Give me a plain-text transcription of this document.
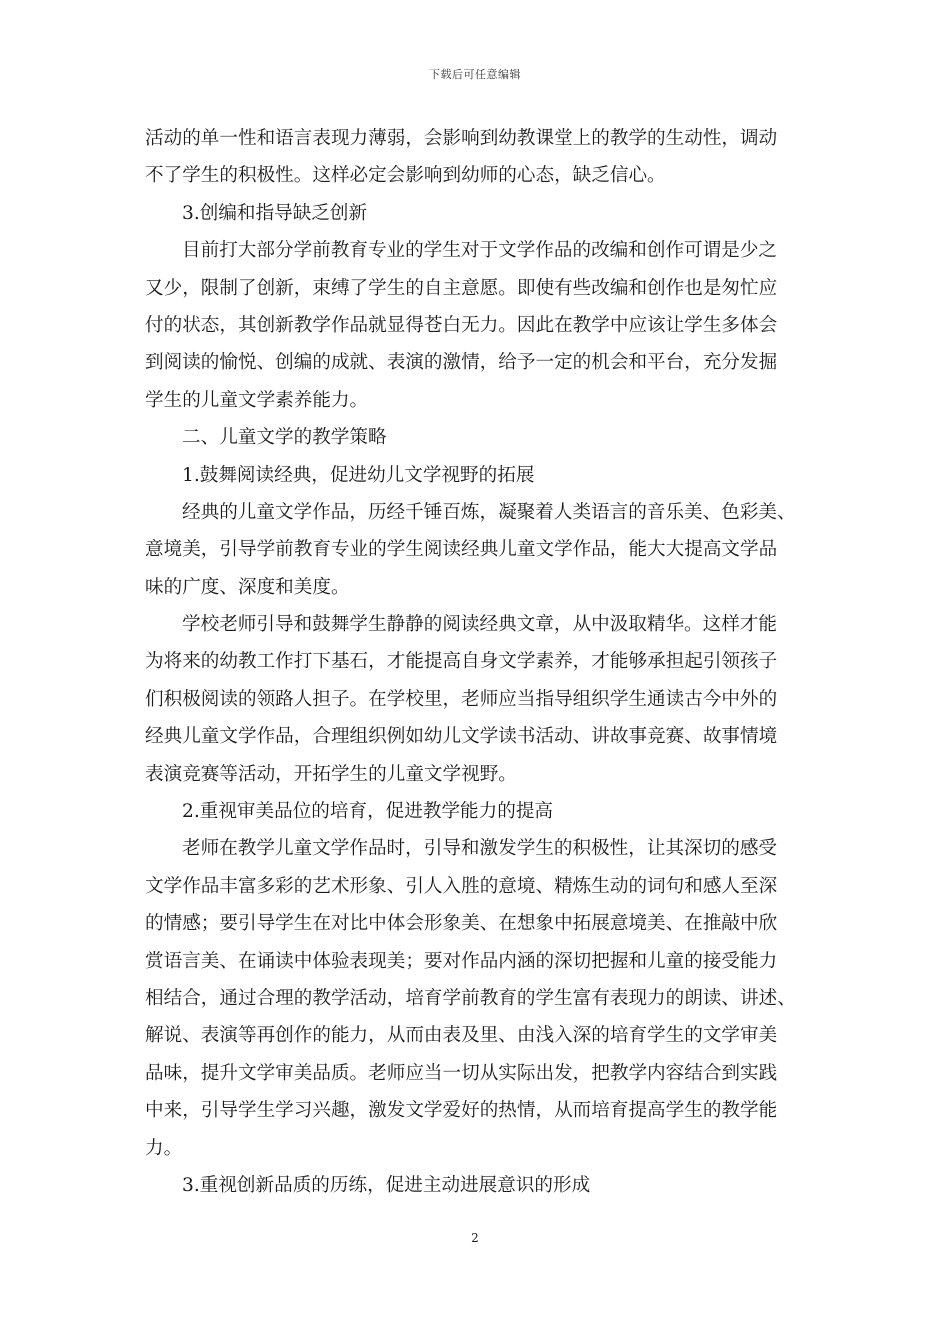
下载后可任意编辑
活动的单一性和语言表现力薄弱，会影响到幼教课堂上的教学的生动性，调动
不了学生的积极性。这样必定会影响到幼师的心态，缺乏信心。
3.创编和指导缺乏创新
目前打大部分学前教育专业的学生对于文学作品的改编和创作可谓是少之
又少，限制了创新，束缚了学生的自主意愿。即使有些改编和创作也是匆忙应
付的状态，其创新教学作品就显得苍白无力。因此在教学中应该让学生多体会
到阅读的愉悦、创编的成就、表演的激情，给予一定的机会和平台，充分发掘
学生的儿童文学素养能力。
二、儿童文学的教学策略
1.鼓舞阅读经典，促进幼儿文学视野的拓展
经典的儿童文学作品，历经千锤百炼，凝聚着人类语言的音乐美、色彩美、
意境美，引导学前教育专业的学生阅读经典儿童文学作品，能大大提高文学品
味的广度、深度和美度。
学校老师引导和鼓舞学生静静的阅读经典文章，从中汲取精华。这样才能
为将来的幼教工作打下基石，才能提高自身文学素养，才能够承担起引领孩子
们积极阅读的领路人担子。在学校里，老师应当指导组织学生通读古今中外的
经典儿童文学作品，合理组织例如幼儿文学读书活动、讲故事竞赛、故事情境
表演竞赛等活动，开拓学生的儿童文学视野。
2.重视审美品位的培育，促进教学能力的提高
老师在教学儿童文学作品时，引导和激发学生的积极性，让其深切的感受
文学作品丰富多彩的艺术形象、引人入胜的意境、精炼生动的词句和感人至深
的情感；要引导学生在对比中体会形象美、在想象中拓展意境美、在推敲中欣
赏语言美、在诵读中体验表现美；要对作品内涵的深切把握和儿童的接受能力
相结合，通过合理的教学活动，培育学前教育的学生富有表现力的朗读、讲述、
解说、表演等再创作的能力，从而由表及里、由浅入深的培育学生的文学审美
品味，提升文学审美品质。老师应当一切从实际出发，把教学内容结合到实践
中来，引导学生学习兴趣，激发文学爱好的热情，从而培育提高学生的教学能
力。
3.重视创新品质的历练，促进主动进展意识的形成
2
